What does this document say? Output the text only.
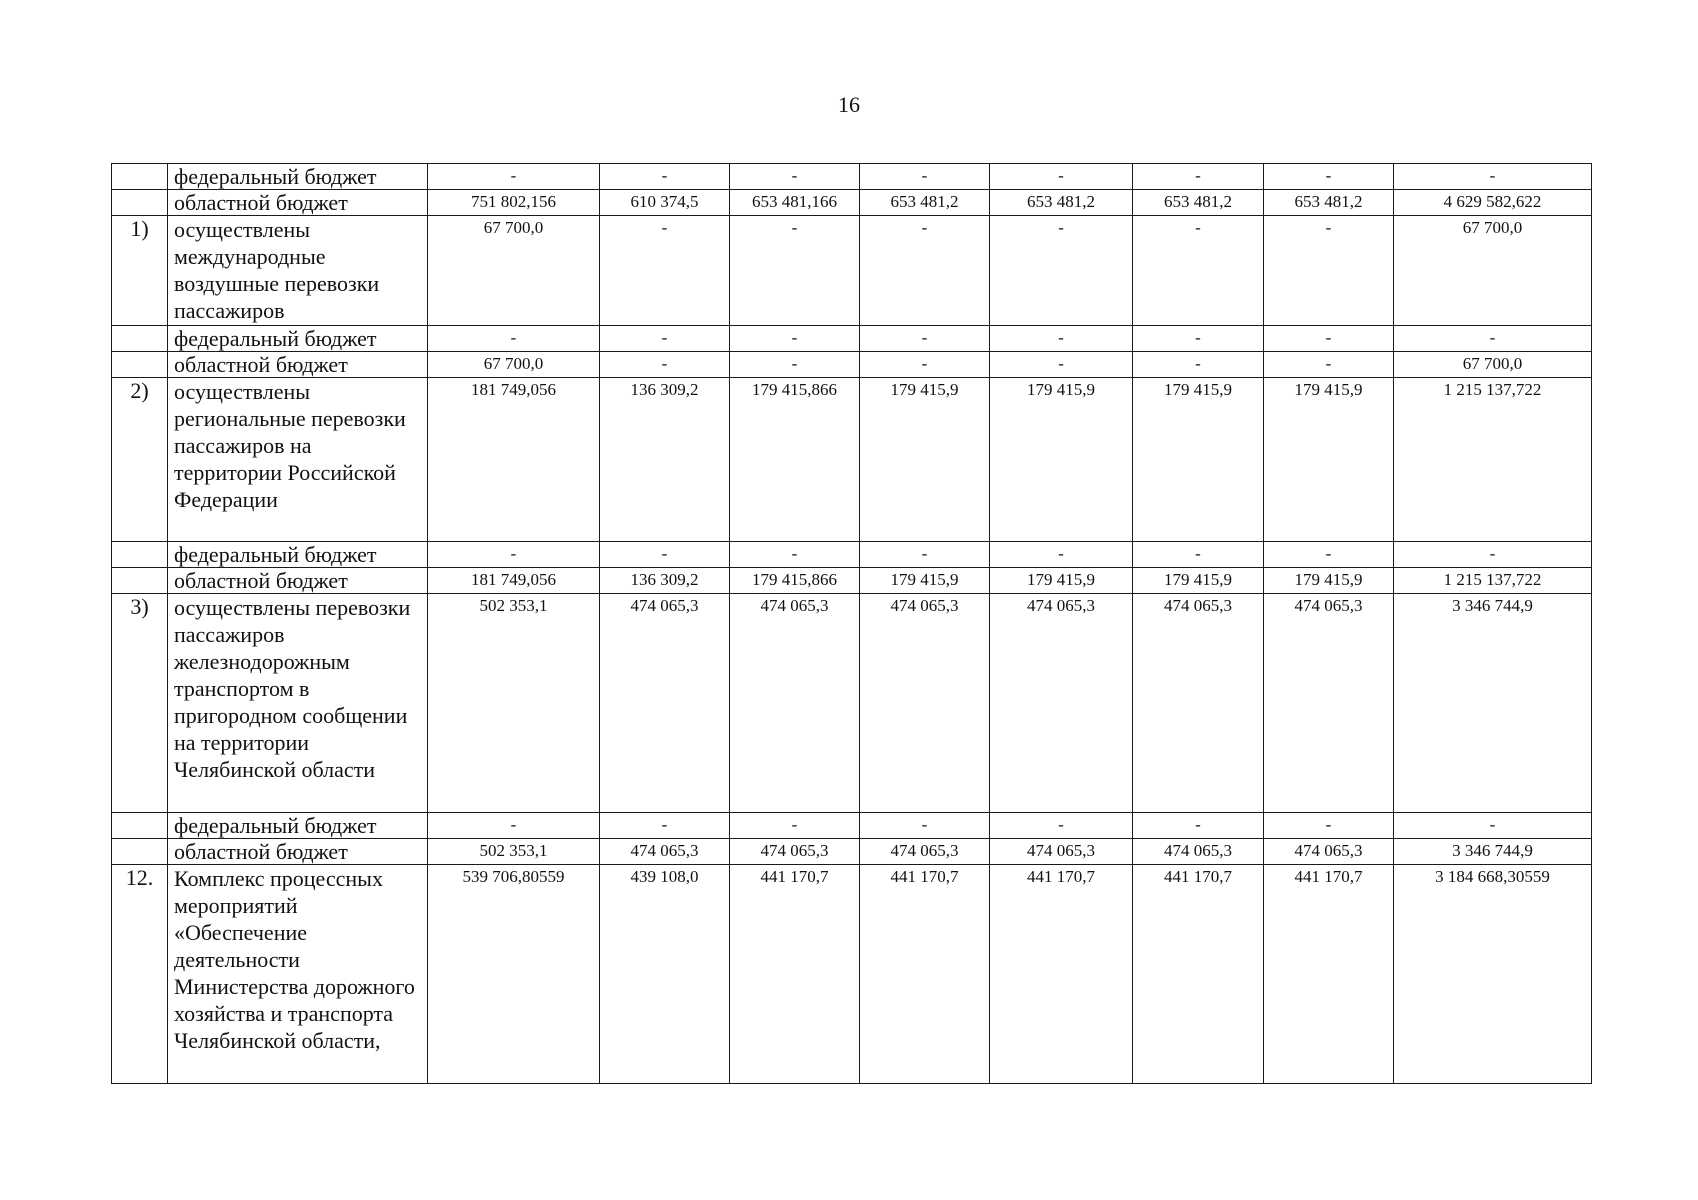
16
	федеральный бюджет	-	-	-	-	-	-	-	-
	областной бюджет	751 802,156	610 374,5	653 481,166	653 481,2	653 481,2	653 481,2	653 481,2	4 629 582,622
1)	осуществлены международные воздушные перевозки пассажиров	67 700,0	-	-	-	-	-	-	67 700,0
	федеральный бюджет	-	-	-	-	-	-	-	-
	областной бюджет	67 700,0	-	-	-	-	-	-	67 700,0
2)	осуществлены региональные перевозки пассажиров на территории Российской Федерации	181 749,056	136 309,2	179 415,866	179 415,9	179 415,9	179 415,9	179 415,9	1 215 137,722
	федеральный бюджет	-	-	-	-	-	-	-	-
	областной бюджет	181 749,056	136 309,2	179 415,866	179 415,9	179 415,9	179 415,9	179 415,9	1 215 137,722
3)	осуществлены перевозки пассажиров железнодорожным транспортом в пригородном сообщении на территории Челябинской области	502 353,1	474 065,3	474 065,3	474 065,3	474 065,3	474 065,3	474 065,3	3 346 744,9
	федеральный бюджет	-	-	-	-	-	-	-	-
	областной бюджет	502 353,1	474 065,3	474 065,3	474 065,3	474 065,3	474 065,3	474 065,3	3 346 744,9
12.	Комплекс процессных мероприятий «Обеспечение деятельности Министерства дорожного хозяйства и транспорта Челябинской области,	539 706,80559	439 108,0	441 170,7	441 170,7	441 170,7	441 170,7	441 170,7	3 184 668,30559
